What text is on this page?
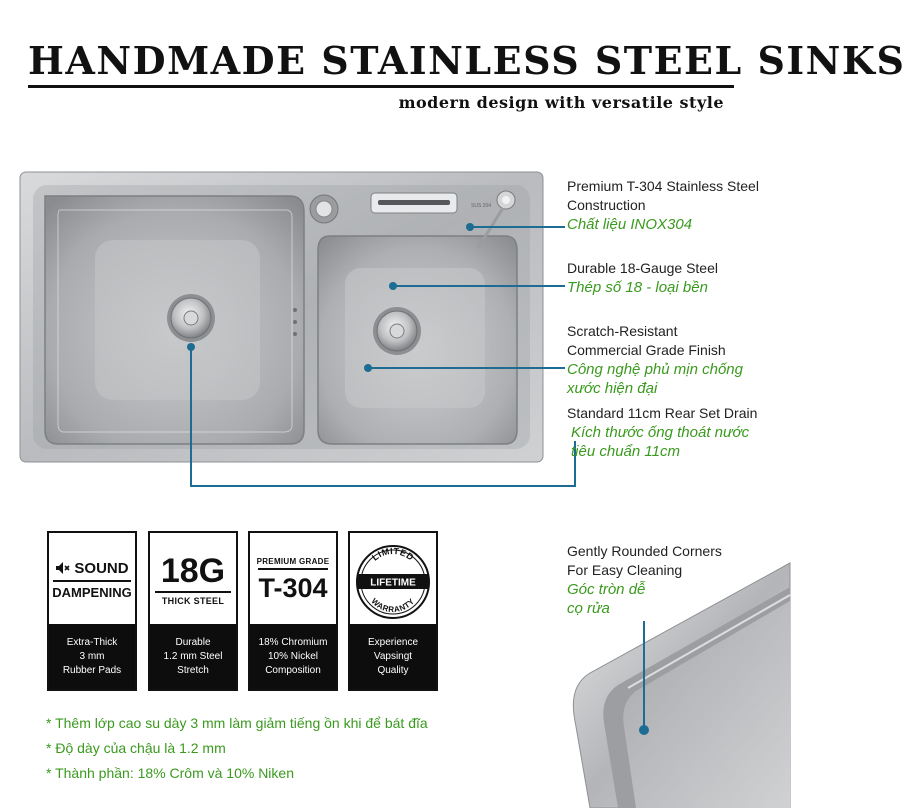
HANDMADE STAINLESS STEEL SINKS
modern design with versatile style
SUS 304
Premium T-304 Stainless Steel
Construction
Chất liệu INOX304
Durable 18-Gauge Steel
Thép số 18 - loại bền
Scratch-Resistant
Commercial Grade Finish
Công nghệ phủ mịn chống
xước hiện đại
Standard 11cm Rear Set Drain
Kích thước ống thoát nước
tiêu chuẩn 11cm
Gently Rounded Corners
For Easy Cleaning
Góc tròn dễ
cọ rửa
SOUND
DAMPENING
Extra-Thick
3 mm
Rubber Pads
18G
THICK STEEL
Durable
1.2 mm Steel
Stretch
PREMIUM GRADE
T-304
18% Chromium
10% Nickel
Composition
LIMITED
LIFETIME
WARRANTY
Experience
Vapsingt
Quality
* Thêm lớp cao su dày 3 mm làm giảm tiếng ồn khi để bát đĩa
* Độ dày của chậu là 1.2 mm
* Thành phần: 18% Crôm và 10% Niken
